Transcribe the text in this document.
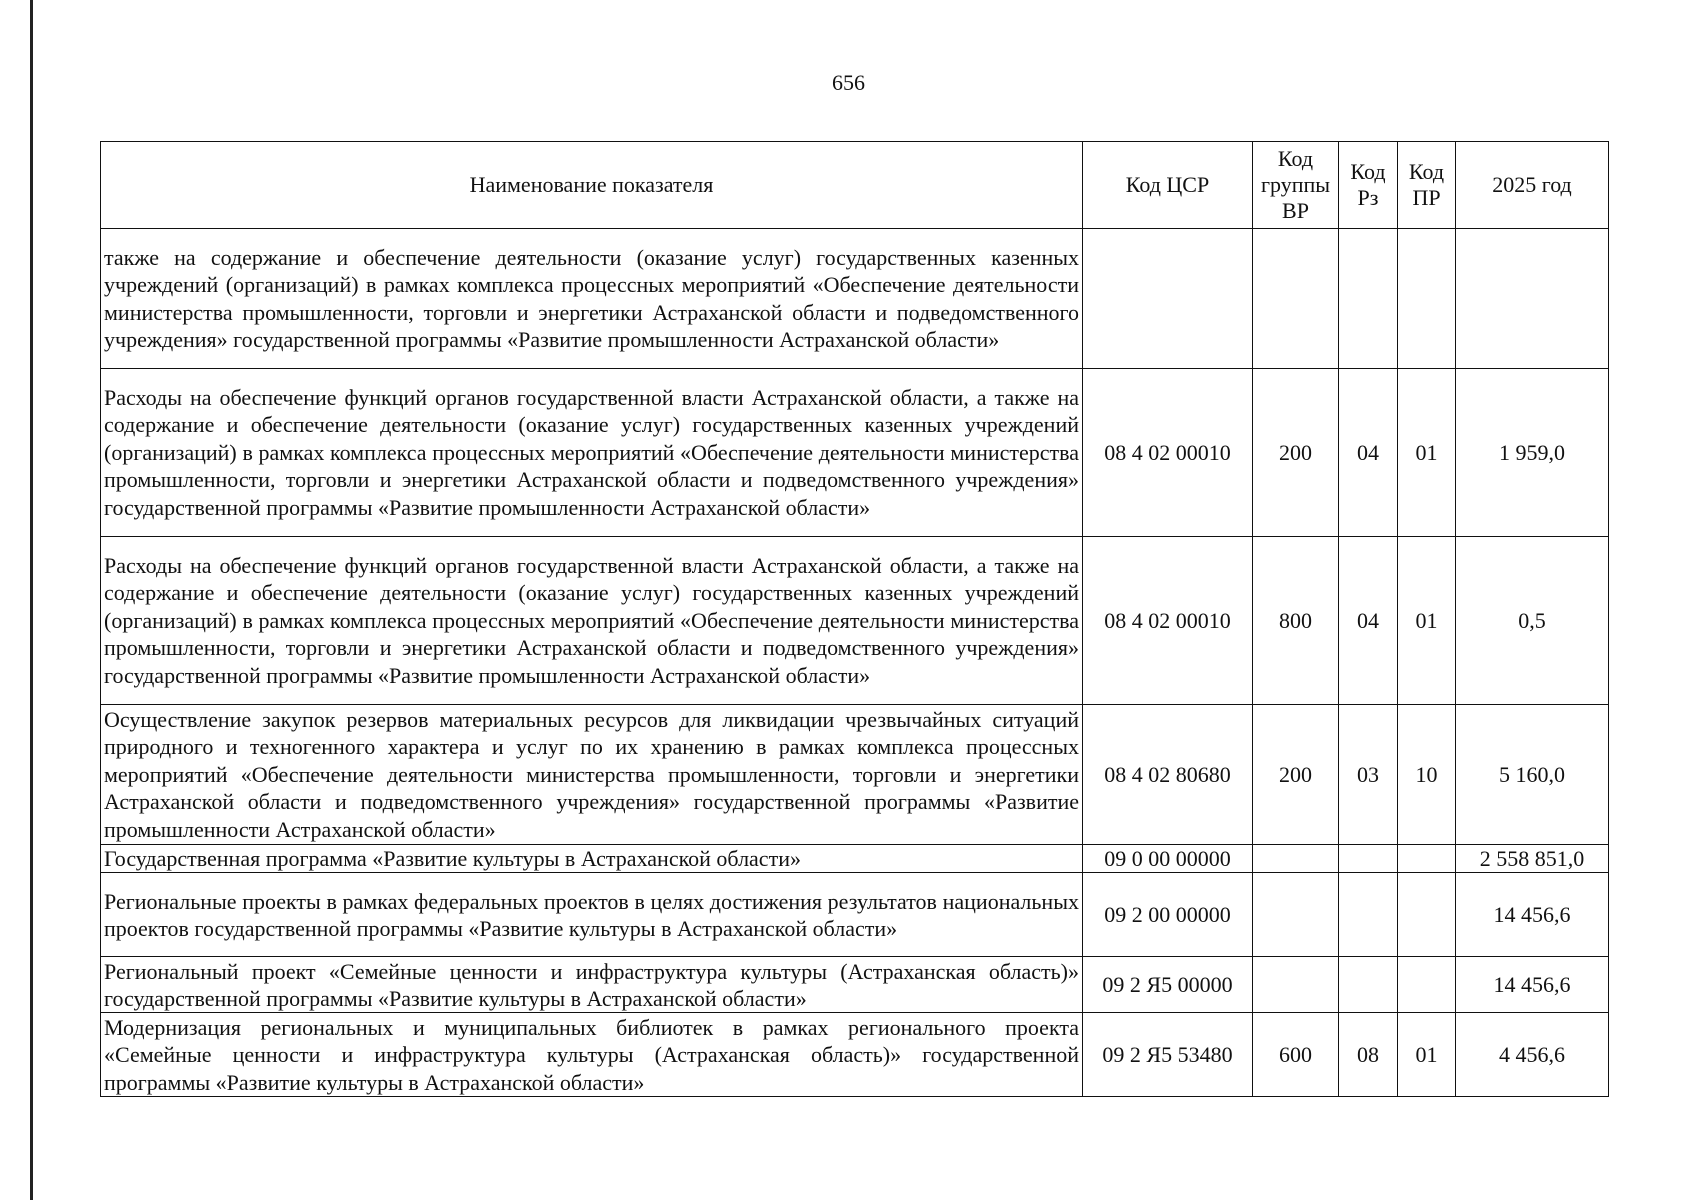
656
Наименование показателя	Код ЦСР	Код группы ВР	Код Рз	Код ПР	2025 год
также на содержание и обеспечение деятельности (оказание услуг) государственных казенных учреждений (организаций) в рамках комплекса процессных мероприятий «Обеспечение деятельности министерства промышленности, торговли и энергетики Астраханской области и подведомственного учреждения» государственной программы «Развитие промышленности Астраханской области»					
Расходы на обеспечение функций органов государственной власти Астраханской области, а также на содержание и обеспечение деятельности (оказание услуг) государственных казенных учреждений (организаций) в рамках комплекса процессных мероприятий «Обеспечение деятельности министерства промышленности, торговли и энергетики Астраханской области и подведомственного учреждения» государственной программы «Развитие промышленности Астраханской области»	08 4 02 00010	200	04	01	1 959,0
Расходы на обеспечение функций органов государственной власти Астраханской области, а также на содержание и обеспечение деятельности (оказание услуг) государственных казенных учреждений (организаций) в рамках комплекса процессных мероприятий «Обеспечение деятельности министерства промышленности, торговли и энергетики Астраханской области и подведомственного учреждения» государственной программы «Развитие промышленности Астраханской области»	08 4 02 00010	800	04	01	0,5
Осуществление закупок резервов материальных ресурсов для ликвидации чрезвычайных ситуаций природного и техногенного характера и услуг по их хранению в рамках комплекса процессных мероприятий «Обеспечение деятельности министерства промышленности, торговли и энергетики Астраханской области и подведомственного учреждения» государственной программы «Развитие промышленности Астраханской области»	08 4 02 80680	200	03	10	5 160,0
Государственная программа «Развитие культуры в Астраханской области»	09 0 00 00000				2 558 851,0
Региональные проекты в рамках федеральных проектов в целях достижения результатов национальных проектов государственной программы «Развитие культуры в Астраханской области»	09 2 00 00000				14 456,6
Региональный проект «Семейные ценности и инфраструктура культуры (Астраханская область)» государственной программы «Развитие культуры в Астраханской области»	09 2 Я5 00000				14 456,6
Модернизация региональных и муниципальных библиотек в рамках регионального проекта «Семейные ценности и инфраструктура культуры (Астраханская область)» государственной программы «Развитие культуры в Астраханской области»	09 2 Я5 53480	600	08	01	4 456,6
